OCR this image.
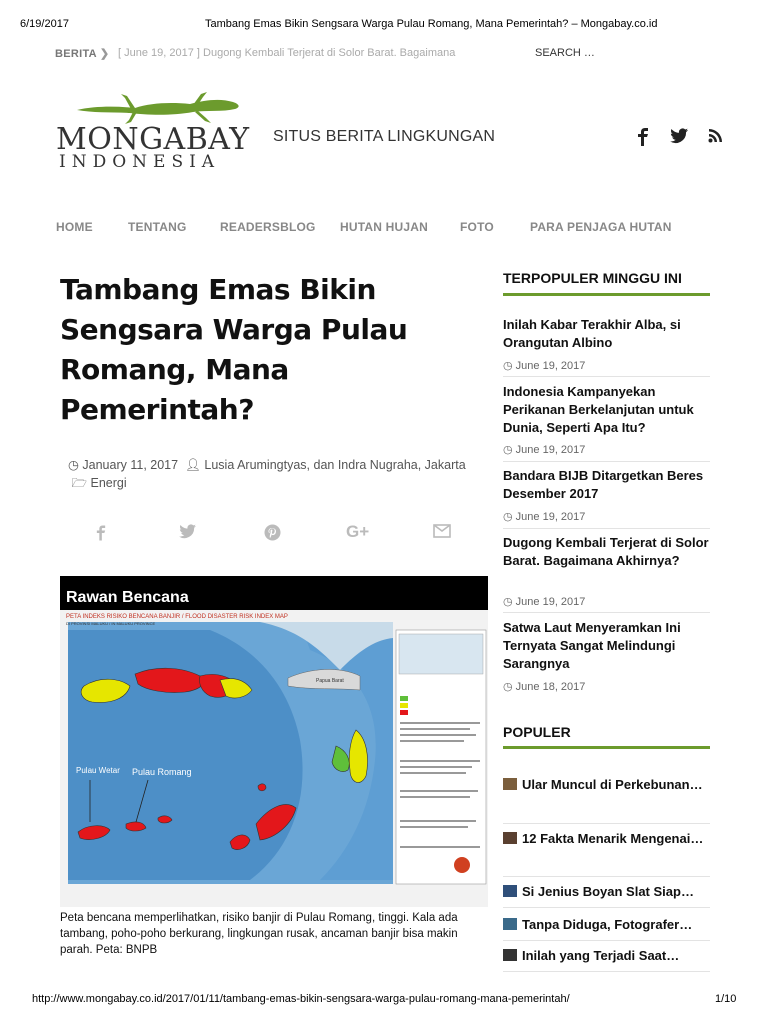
6/19/2017	Tambang Emas Bikin Sengsara Warga Pulau Romang, Mana Pemerintah? – Mongabay.co.id
BERITA ❯ [ June 19, 2017 ] Dugong Kembali Terjerat di Solor Barat. Bagaimana	SEARCH …
MONGABAY
INDONESIA
SITUS BERITA LINGKUNGAN
HOME	TENTANG	READERSBLOG HUTAN HUJAN	FOTO	PARA PENJAGA HUTAN
Tambang Emas Bikin Sengsara Warga Pulau Romang, Mana Pemerintah?
◷ January 11, 2017 👤︎ Lusia Arumingtyas, dan Indra Nugraha, Jakarta  🗁︎ Energi
G+
Rawan Bencana
PETA INDEKS RISIKO BENCANA BANJIR / FLOOD DISASTER RISK INDEX MAP
DI PROVINSI MALUKU / IN MALUKU PROVINCE
Pulau Wetar Pulau Romang
Papua Barat
Peta bencana memperlihatkan, risiko banjir di Pulau Romang, tinggi. Kala ada tambang, poho-poho berkurang, lingkungan rusak, ancaman banjir bisa makin parah. Peta: BNPB
TERPOPULER MINGGU INI
Inilah Kabar Terakhir Alba, si Orangutan Albino
◷ June 19, 2017
Indonesia Kampanyekan Perikanan Berkelanjutan untuk Dunia, Seperti Apa Itu?
◷ June 19, 2017
Bandara BIJB Ditargetkan Beres Desember 2017
◷ June 19, 2017
Dugong Kembali Terjerat di Solor Barat. Bagaimana Akhirnya?
◷ June 19, 2017
Satwa Laut Menyeramkan Ini Ternyata Sangat Melindungi Sarangnya
◷ June 18, 2017
POPULER
Ular Muncul di Perkebunan…
12 Fakta Menarik Mengenai…
Si Jenius Boyan Slat Siap…
Tanpa Diduga, Fotografer…
Inilah yang Terjadi Saat…
http://www.mongabay.co.id/2017/01/11/tambang-emas-bikin-sengsara-warga-pulau-romang-mana-pemerintah/	1/10
